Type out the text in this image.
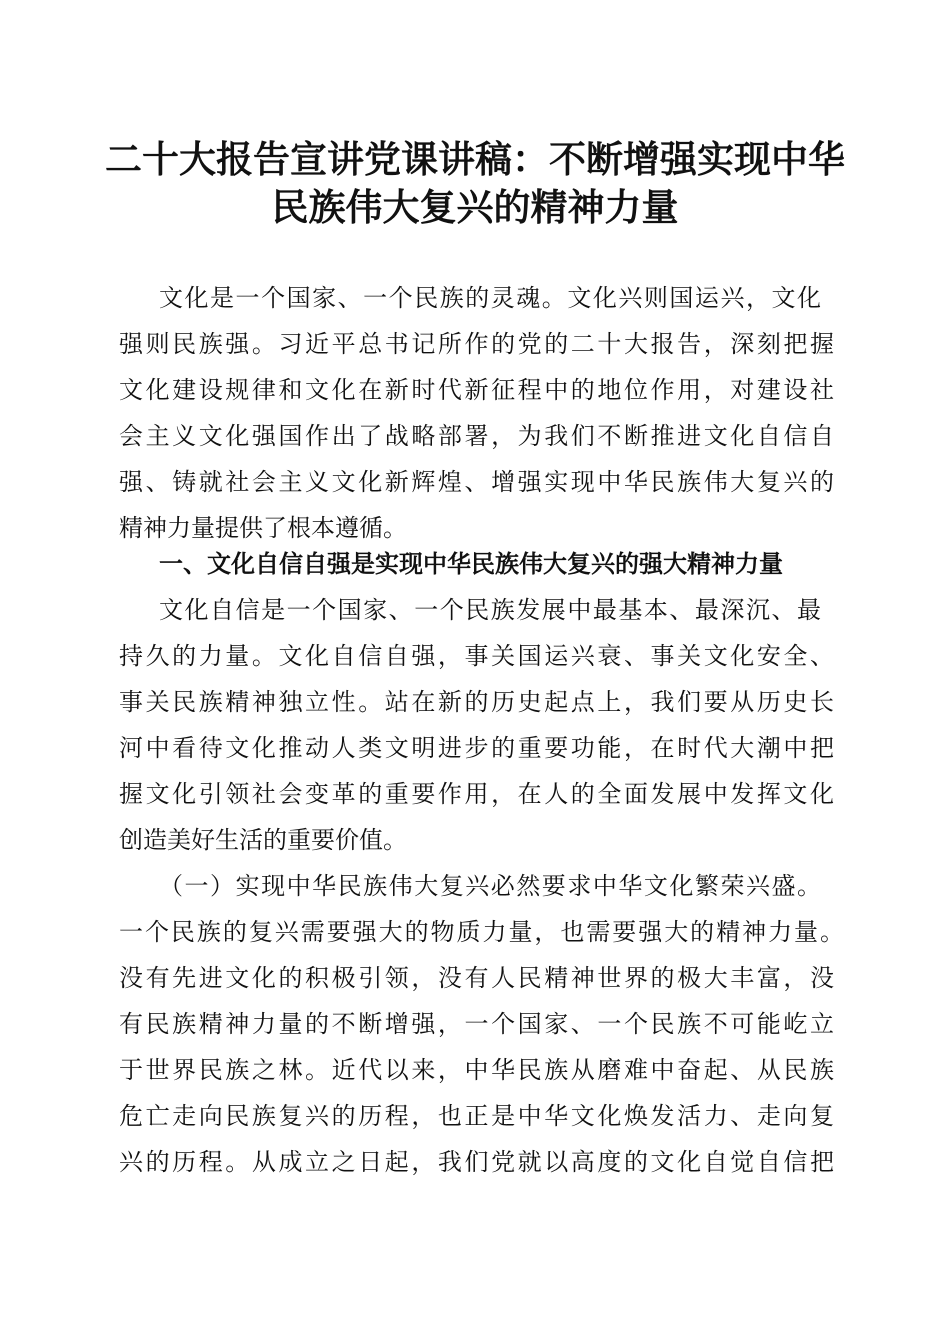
二十大报告宣讲党课讲稿：不断增强实现中华
民族伟大复兴的精神力量
文化是一个国家、一个民族的灵魂。文化兴则国运兴，文化
强则民族强。习近平总书记所作的党的二十大报告，深刻把握
文化建设规律和文化在新时代新征程中的地位作用，对建设社
会主义文化强国作出了战略部署，为我们不断推进文化自信自
强、铸就社会主义文化新辉煌、增强实现中华民族伟大复兴的
精神力量提供了根本遵循。
一、文化自信自强是实现中华民族伟大复兴的强大精神力量
文化自信是一个国家、一个民族发展中最基本、最深沉、最
持久的力量。文化自信自强，事关国运兴衰、事关文化安全、
事关民族精神独立性。站在新的历史起点上，我们要从历史长
河中看待文化推动人类文明进步的重要功能，在时代大潮中把
握文化引领社会变革的重要作用，在人的全面发展中发挥文化
创造美好生活的重要价值。
（一）实现中华民族伟大复兴必然要求中华文化繁荣兴盛。
一个民族的复兴需要强大的物质力量，也需要强大的精神力量。
没有先进文化的积极引领，没有人民精神世界的极大丰富，没
有民族精神力量的不断增强，一个国家、一个民族不可能屹立
于世界民族之林。近代以来，中华民族从磨难中奋起、从民族
危亡走向民族复兴的历程，也正是中华文化焕发活力、走向复
兴的历程。从成立之日起，我们党就以高度的文化自觉自信把
